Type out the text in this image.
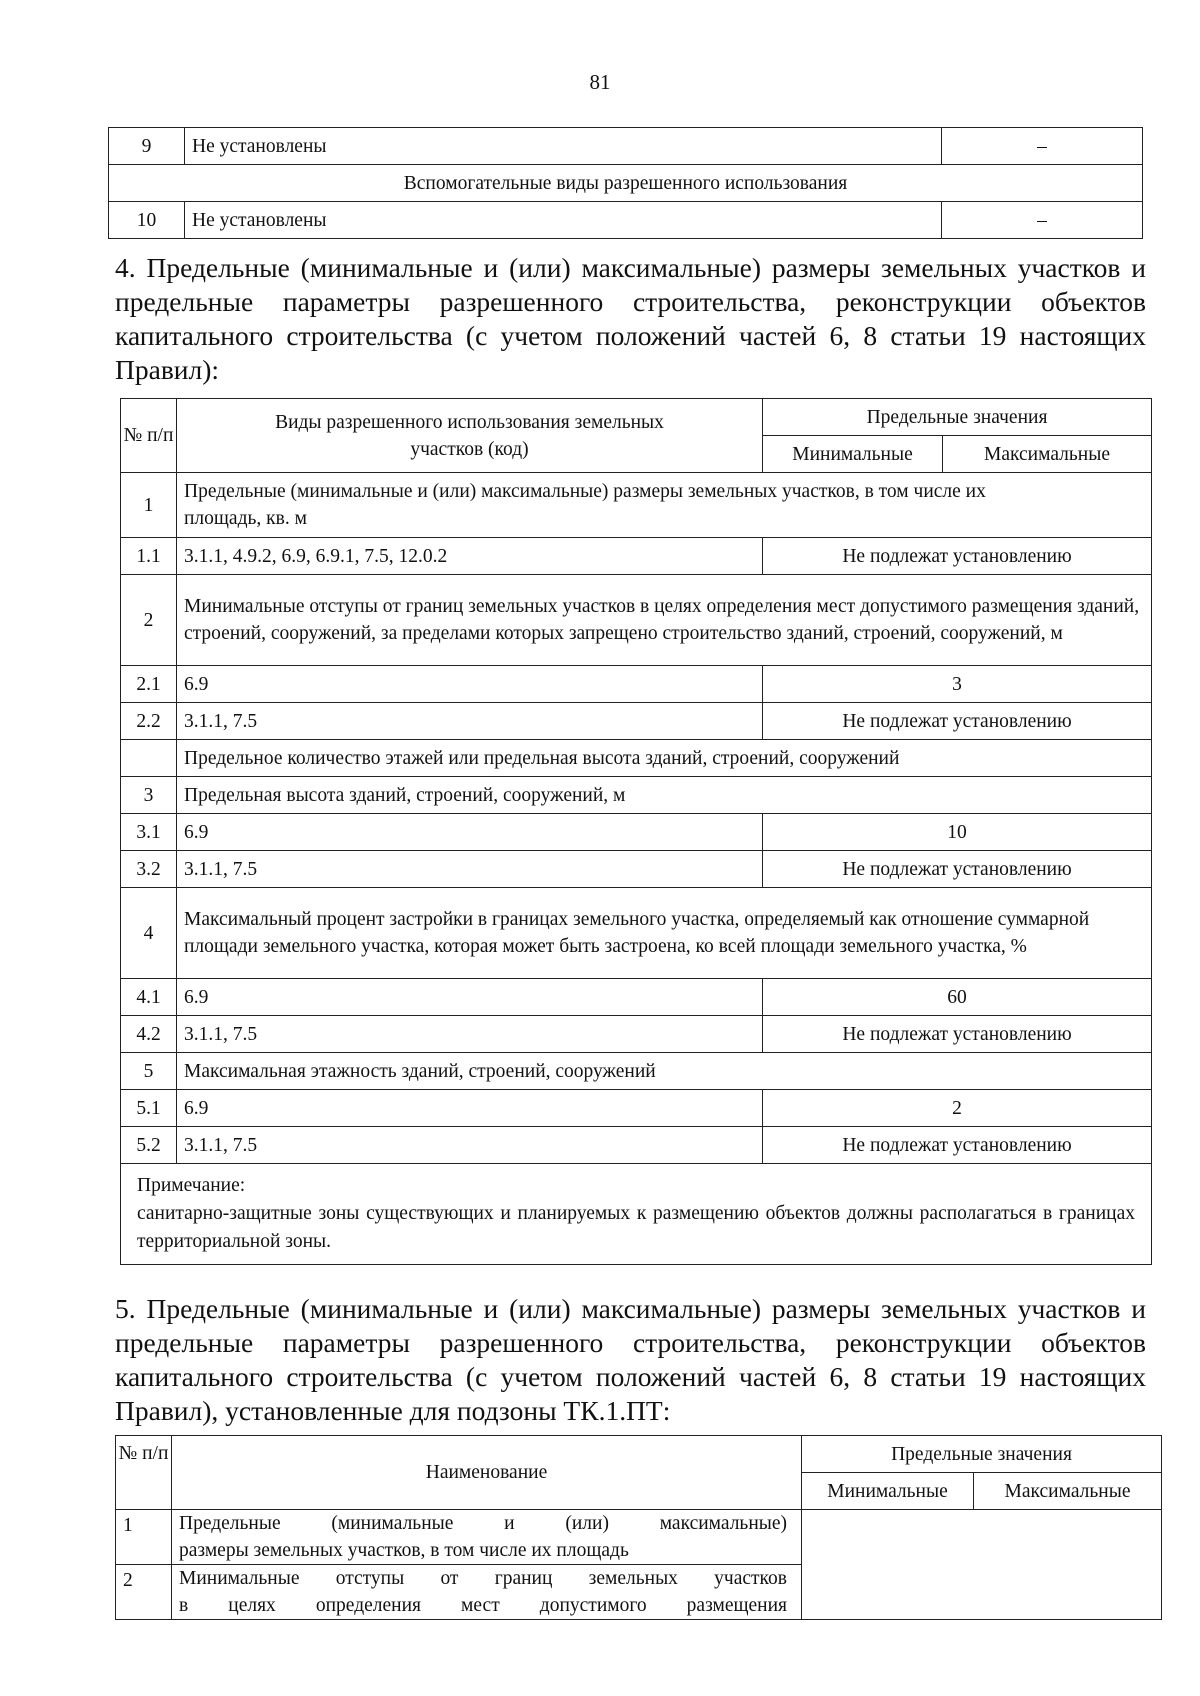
81
9	Не установлены	–
Вспомогательные виды разрешенного использования		
10	Не установлены	–
4. Предельные (минимальные и (или) максимальные) размеры земельных участков и предельные параметры разрешенного строительства, реконструкции объектов капитального строительства (с учетом положений частей 6, 8 статьи 19 настоящих Правил):
№ п/п	Виды разрешенного использования земельных участков (код)	Предельные значения	
		Минимальные	Максимальные
1	Предельные (минимальные и (или) максимальные) размеры земельных участков, в том числе их площадь, кв. м		
1.1	3.1.1, 4.9.2, 6.9, 6.9.1, 7.5, 12.0.2	Не подлежат установлению	
2	Минимальные отступы от границ земельных участков в целях определения мест допустимого размещения зданий, строений, сооружений, за пределами которых запрещено строительство зданий, строений, сооружений, м		
2.1	6.9	3	
2.2	3.1.1, 7.5	Не подлежат установлению	
	Предельное количество этажей или предельная высота зданий, строений, сооружений		
3	Предельная высота зданий, строений, сооружений, м		
3.1	6.9	10	
3.2	3.1.1, 7.5	Не подлежат установлению	
4	Максимальный процент застройки в границах земельного участка, определяемый как отношение суммарной площади земельного участка, которая может быть застроена, ко всей площади земельного участка, %		
4.1	6.9	60	
4.2	3.1.1, 7.5	Не подлежат установлению	
5	Максимальная этажность зданий, строений, сооружений		
5.1	6.9	2	
5.2	3.1.1, 7.5	Не подлежат установлению	

Примечание:
санитарно-защитные зоны существующих и планируемых к размещению объектов должны располагаться в границах территориальной зоны.			
5. Предельные (минимальные и (или) максимальные) размеры земельных участков и предельные параметры разрешенного строительства, реконструкции объектов капитального строительства (с учетом положений частей 6, 8 статьи 19 настоящих Правил), установленные для подзоны ТК.1.ПТ:
№ п/п	Наименование	Предельные значения	
		Минимальные	Максимальные
1	Предельные (минимальные и (или) максимальные)
размеры земельных участков, в том числе их площадь		

2	Минимальные отступы от границ земельных участков
в целях определения мест допустимого размещения		
